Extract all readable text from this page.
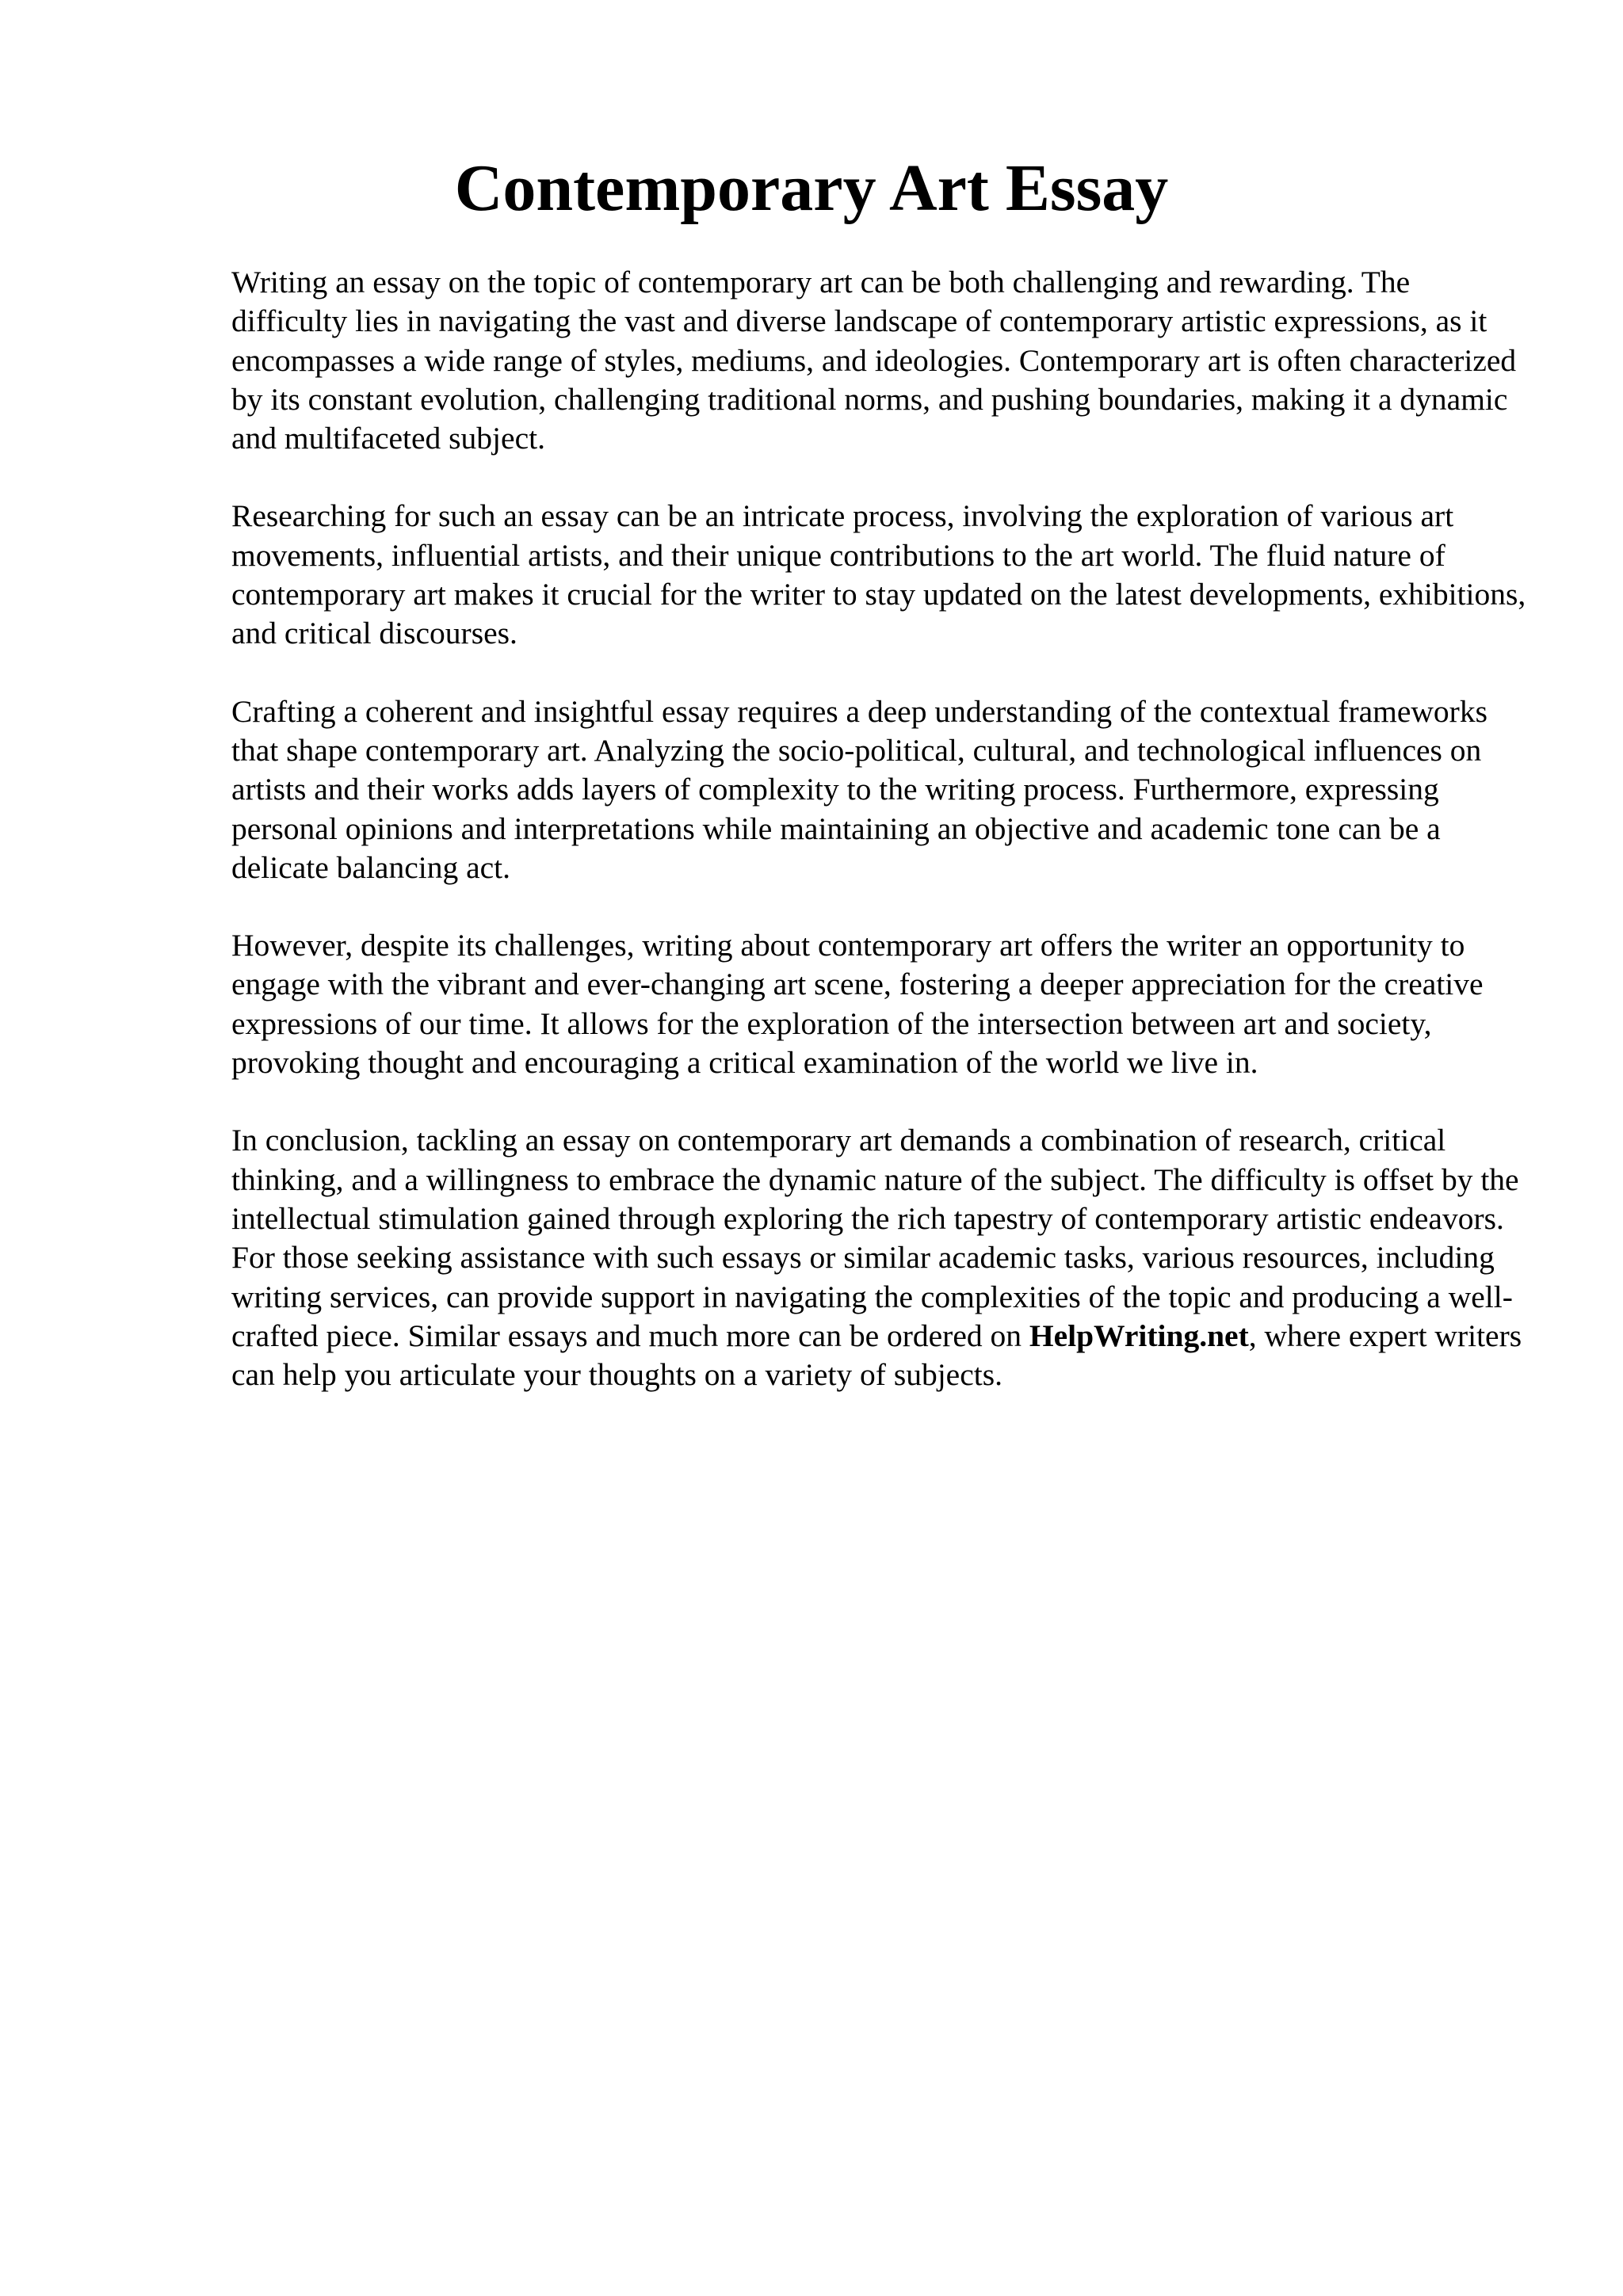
Contemporary Art Essay

Writing an essay on the topic of contemporary art can be both challenging and rewarding. The difficulty lies in navigating the vast and diverse landscape of contemporary artistic expressions, as it encompasses a wide range of styles, mediums, and ideologies. Contemporary art is often characterized by its constant evolution, challenging traditional norms, and pushing boundaries, making it a dynamic and multifaceted subject.

Researching for such an essay can be an intricate process, involving the exploration of various art movements, influential artists, and their unique contributions to the art world. The fluid nature of contemporary art makes it crucial for the writer to stay updated on the latest developments, exhibitions, and critical discourses.

Crafting a coherent and insightful essay requires a deep understanding of the contextual frameworks that shape contemporary art. Analyzing the socio-political, cultural, and technological influences on artists and their works adds layers of complexity to the writing process. Furthermore, expressing personal opinions and interpretations while maintaining an objective and academic tone can be a delicate balancing act.

However, despite its challenges, writing about contemporary art offers the writer an opportunity to engage with the vibrant and ever-changing art scene, fostering a deeper appreciation for the creative expressions of our time. It allows for the exploration of the intersection between art and society, provoking thought and encouraging a critical examination of the world we live in.

In conclusion, tackling an essay on contemporary art demands a combination of research, critical thinking, and a willingness to embrace the dynamic nature of the subject. The difficulty is offset by the intellectual stimulation gained through exploring the rich tapestry of contemporary artistic endeavors. For those seeking assistance with such essays or similar academic tasks, various resources, including writing services, can provide support in navigating the complexities of the topic and producing a well-crafted piece. Similar essays and much more can be ordered on HelpWriting.net, where expert writers can help you articulate your thoughts on a variety of subjects.
